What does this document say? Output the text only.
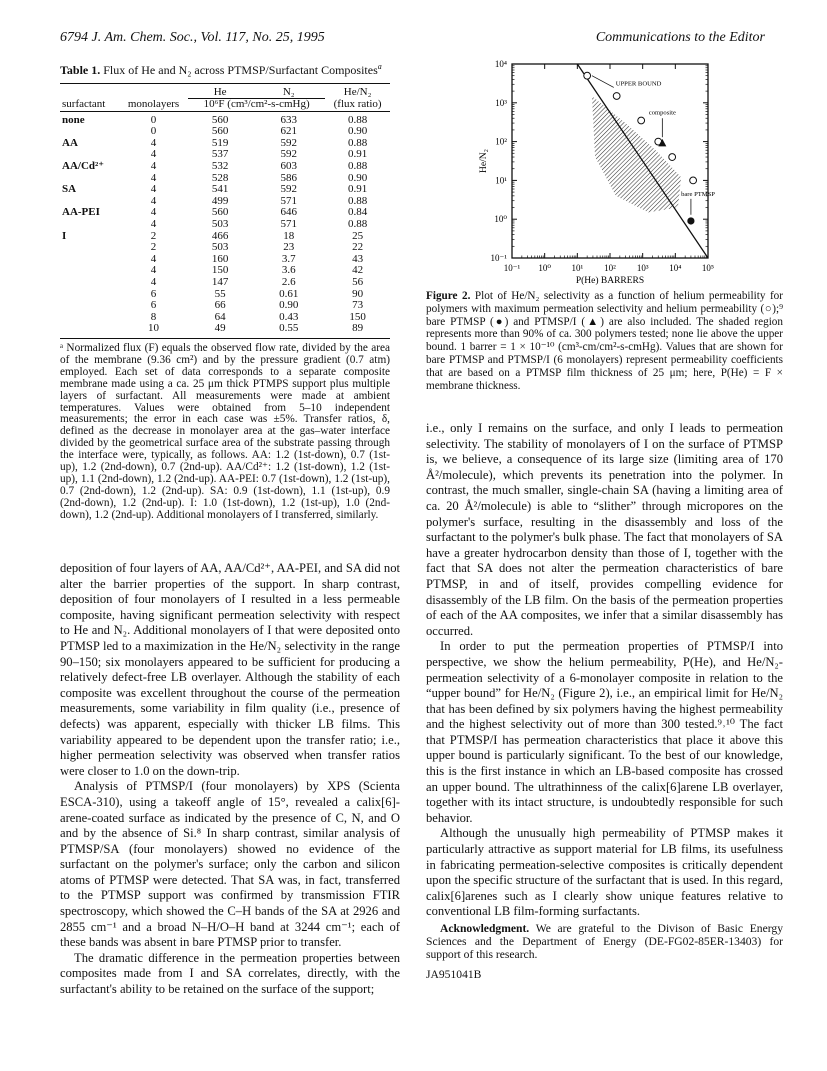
6794 J. Am. Chem. Soc., Vol. 117, No. 25, 1995	Communications to the Editor
Table 1. Flux of He and N₂ across PTMSP/Surfactant Composites$^a$
		He	N₂	He/N₂
surfactant	monolayers	10⁶F (cm³/cm²-s-cmHg)		(flux ratio)
none	0	560	633	0.88
	0	560	621	0.90
AA	4	519	592	0.88
	4	537	592	0.91
AA/Cd²⁺	4	532	603	0.88
	4	528	586	0.90
SA	4	541	592	0.91
	4	499	571	0.88
AA-PEI	4	560	646	0.84
	4	503	571	0.88
I	2	466	18	25
	2	503	23	22
	4	160	3.7	43
	4	150	3.6	42
	4	147	2.6	56
	6	55	0.61	90
	6	66	0.90	73
	8	64	0.43	150
	10	49	0.55	89
ᵃ Normalized flux (F) equals the observed flow rate, divided by the area of the membrane (9.36 cm²) and by the pressure gradient (0.7 atm) employed. Each set of data corresponds to a separate composite membrane made using a ca. 25 μm thick PTMPS support plus multiple layers of surfactant. All measurements were made at ambient temperatures. Values were obtained from 5–10 independent measurements; the error in each case was ±5%. Transfer ratios, δ, defined as the decrease in monolayer area at the gas–water interface divided by the geometrical surface area of the substrate passing through the interface were, typically, as follows. AA: 1.2 (1st-down), 0.7 (1st-up), 1.2 (2nd-down), 0.7 (2nd-up). AA/Cd²⁺: 1.2 (1st-down), 1.2 (1st-up), 1.1 (2nd-down), 1.2 (2nd-up). AA-PEI: 0.7 (1st-down), 1.2 (1st-up), 0.7 (2nd-down), 1.2 (2nd-up). SA: 0.9 (1st-down), 1.1 (1st-up), 0.9 (2nd-down), 1.2 (2nd-up). I: 1.0 (1st-down), 1.2 (1st-up), 1.0 (2nd-down), 1.2 (2nd-up). Additional monolayers of I transferred, similarly.
10⁻¹ 10⁰ 10¹ 10² 10³ 10⁴ 10⁵
10⁻¹
10⁰
10¹
10²
10³
10⁴
P(He) BARRERS
He/N₂
UPPER BOUND
composite
bare PTMSP
Figure 2. Plot of He/N₂ selectivity as a function of helium permeability for polymers with maximum permeation selectivity and helium permeability (○);⁹ bare PTMSP (●) and PTMSP/I (▲) are also included. The shaded region represents more than 90% of ca. 300 polymers tested; none lie above the upper bound. 1 barrer = 1 × 10⁻¹⁰ (cm³-cm/cm²-s-cmHg). Values that are shown for bare PTMSP and PTMSP/I (6 monolayers) represent permeability coefficients that are based on a PTMSP film thickness of 25 μm; here, P(He) = F × membrane thickness.

deposition of four layers of AA, AA/Cd²⁺, AA-PEI, and SA did not alter the barrier properties of the support. In sharp contrast, deposition of four monolayers of I resulted in a less permeable composite, having significant permeation selectivity with respect to He and N₂. Additional monolayers of I that were deposited onto PTMSP led to a maximization in the He/N₂ selectivity in the range 90–150; six monolayers appeared to be sufficient for producing a relatively defect-free LB overlayer. Although the stability of each composite was excellent throughout the course of the permeation measurements, some variability in film quality (i.e., presence of defects) was apparent, especially with thicker LB films. This variability appeared to be dependent upon the transfer ratio; i.e., higher permeation selectivity was observed when transfer ratios were closer to 1.0 on the down-trip.

Analysis of PTMSP/I (four monolayers) by XPS (Scienta ESCA-310), using a takeoff angle of 15°, revealed a calix[6]-arene-coated surface as indicated by the presence of C, N, and O and by the absence of Si.⁸ In sharp contrast, similar analysis of PTMSP/SA (four monolayers) showed no evidence of the surfactant on the polymer's surface; only the carbon and silicon atoms of PTMSP were detected. That SA was, in fact, transferred to the PTMSP support was confirmed by transmission FTIR spectroscopy, which showed the C–H bands of the SA at 2926 and 2855 cm⁻¹ and a broad N–H/O–H band at 3244 cm⁻¹; each of these bands was absent in bare PTMSP prior to transfer.

The dramatic difference in the permeation properties between composites made from I and SA correlates, directly, with the surfactant's ability to be retained on the surface of the support;

i.e., only I remains on the surface, and only I leads to permeation selectivity. The stability of monolayers of I on the surface of PTMSP is, we believe, a consequence of its large size (limiting area of 170 Å²/molecule), which prevents its penetration into the polymer. In contrast, the much smaller, single-chain SA (having a limiting area of ca. 20 Å²/molecule) is able to “slither” through micropores on the polymer's surface, resulting in the disassembly and loss of the surfactant to the polymer's bulk phase. The fact that monolayers of SA have a greater hydrocarbon density than those of I, together with the fact that SA does not alter the permeation characteristics of bare PTMSP, in and of itself, provides compelling evidence for disassembly of the LB film. On the basis of the permeation properties of each of the AA composites, we infer that a similar disassembly has occurred.

In order to put the permeation properties of PTMSP/I into perspective, we show the helium permeability, P(He), and He/N₂-permeation selectivity of a 6-monolayer composite in relation to the “upper bound” for He/N₂ (Figure 2), i.e., an empirical limit for He/N₂ that has been defined by six polymers having the highest permeability and the highest selectivity out of more than 300 tested.⁹˒¹⁰ The fact that PTMSP/I has permeation characteristics that place it above this upper bound is particularly significant. To the best of our knowledge, this is the first instance in which an LB-based composite has crossed an upper bound. The ultrathinness of the calix[6]arene LB overlayer, together with its intact structure, is undoubtedly responsible for such behavior.

Although the unusually high permeability of PTMSP makes it particularly attractive as support material for LB films, its usefulness in fabricating permeation-selective composites is critically dependent upon the specific structure of the surfactant that is used. In this regard, calix[6]arenes such as I clearly show unique features relative to conventional LB film-forming surfactants.

Acknowledgment. We are grateful to the Divison of Basic Energy Sciences and the Department of Energy (DE-FG02-85ER-13403) for support of this research.

JA951041B
